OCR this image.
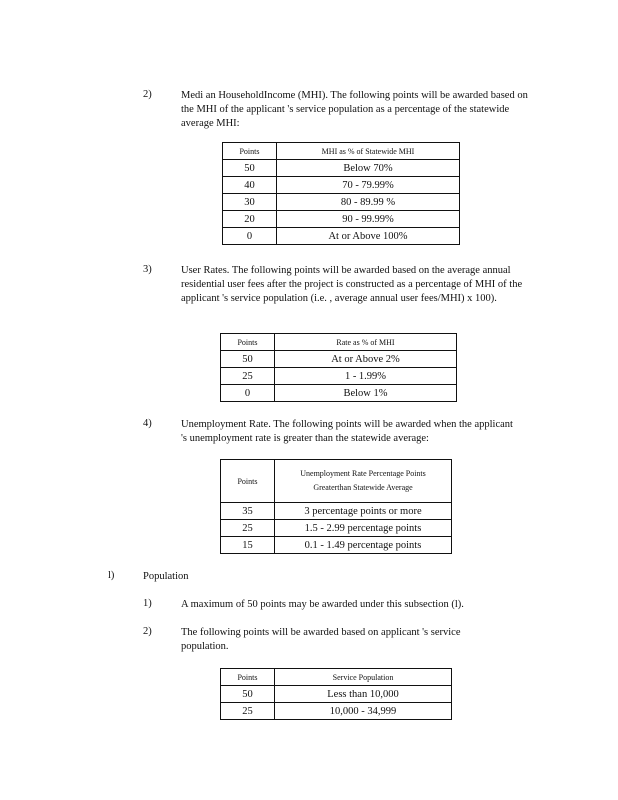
2)	Medi an HouseholdIncome (MHI). The following points will be awarded based on the MHI of the applicant 's service population as a percentage of the statewide average MHI:
Points	MHI as % of Statewide MHI
50	Below 70%
40	70 - 79.99%
30	80 - 89.99 %
20	90 - 99.99%
0	At or Above 100%
3)	User Rates. The following points will be awarded based on the average annual residential user fees after the project is constructed as a percentage of MHI of the applicant 's service population (i.e. , average annual user fees/MHI) x 100).
Points	Rate as % of MHI
50	At or Above 2%
25	1 - 1.99%
0	Below 1%
4)	Unemployment Rate. The following points will be awarded when the applicant 's unemployment rate is greater than the statewide average:
Points	Unemployment Rate Percentage Points Greaterthan Statewide Average
35	3 percentage points or more
25	1.5 - 2.99 percentage points
15	0.1 - 1.49 percentage points
l)	Population
1)	A maximum of 50 points may be awarded under this subsection (l).
2)	The following points will be awarded based on applicant 's service population.
Points	Service Population
50	Less than 10,000
25	10,000 - 34,999
